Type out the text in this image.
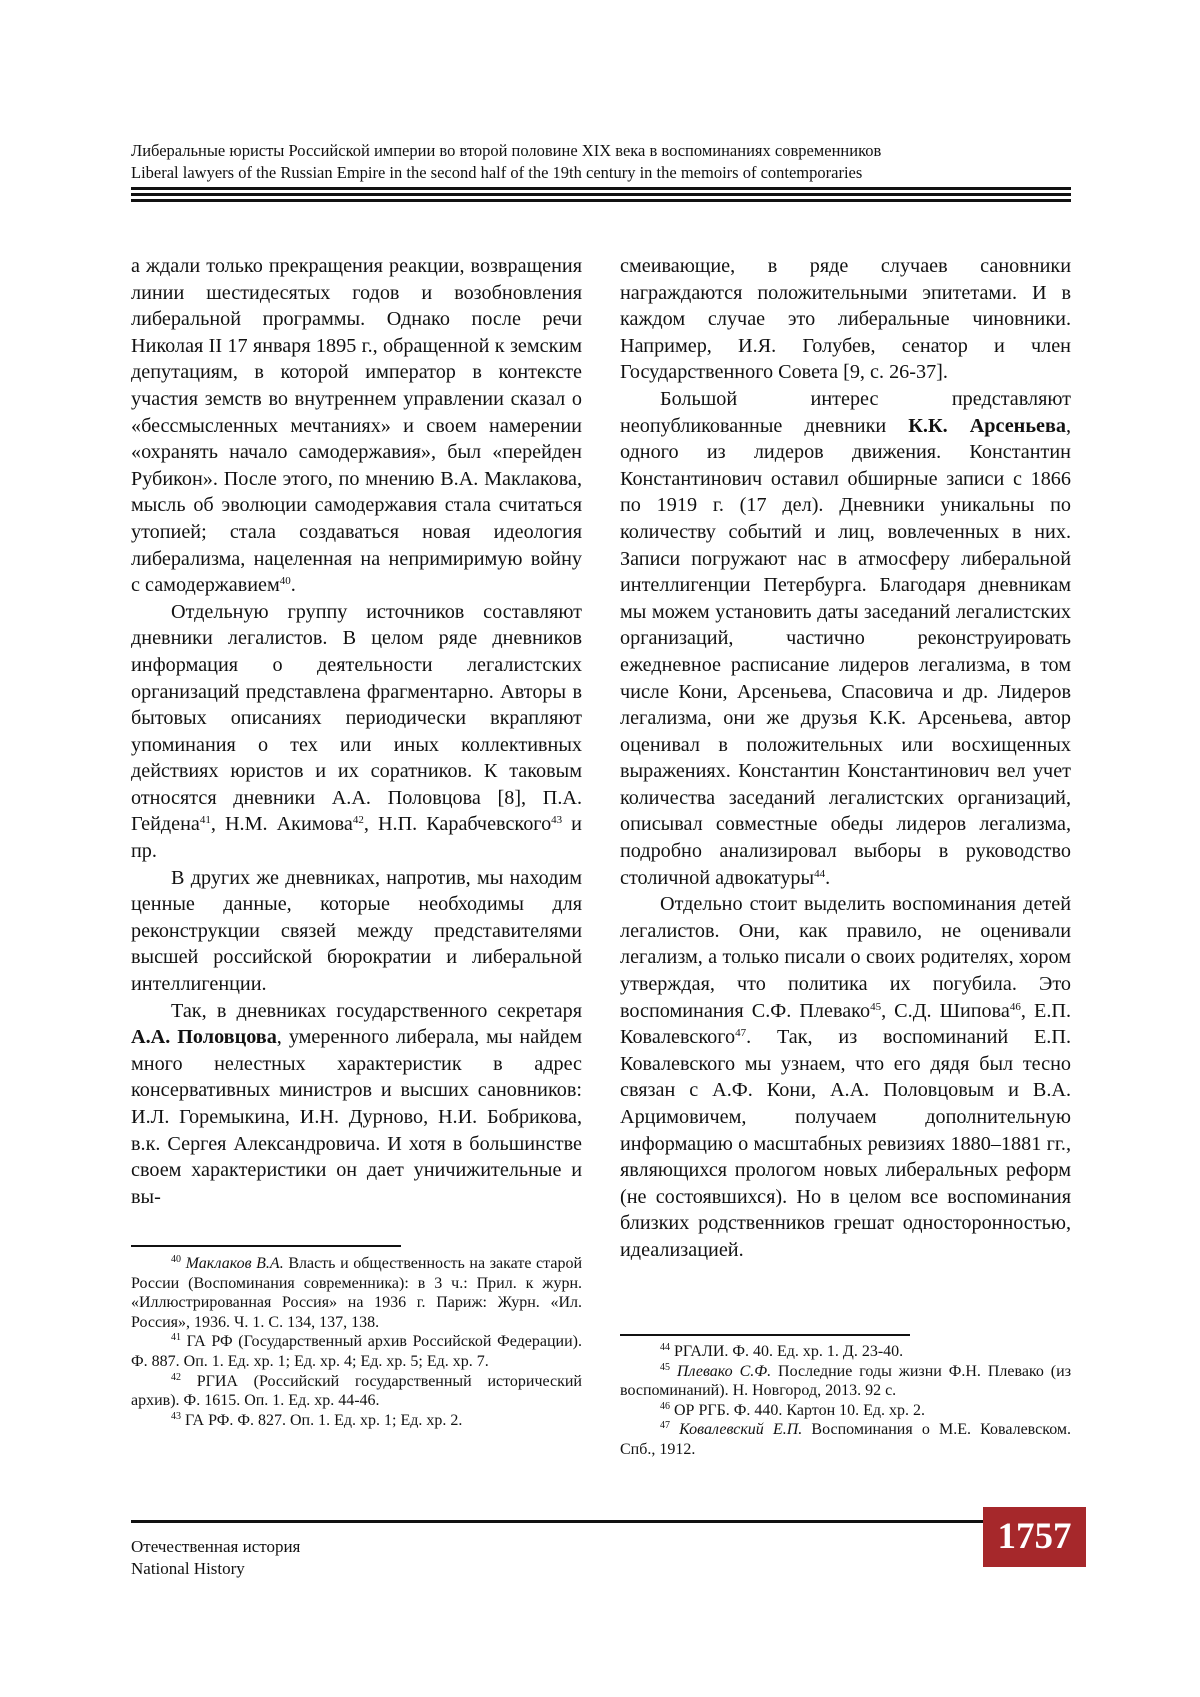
Либеральные юристы Российской империи во второй половине XIX века в воспоминаниях современников
Liberal lawyers of the Russian Empire in the second half of the 19th century in the memoirs of contemporaries

а ждали только прекращения реакции, возвращения линии шестидесятых годов и возобновления либеральной программы. Однако после речи Николая II 17 января 1895 г., обращенной к земским депутациям, в которой император в контексте участия земств во внутреннем управлении сказал о «бессмысленных мечтаниях» и своем намерении «охранять начало самодержавия», был «перейден Рубикон». После этого, по мнению В.А. Маклакова, мысль об эволюции самодержавия стала считаться утопией; стала создаваться новая идеология либерализма, нацеленная на непримиримую войну с самодержавием$^{40}$.

Отдельную группу источников составляют дневники легалистов. В целом ряде дневников информация о деятельности легалистских организаций представлена фрагментарно. Авторы в бытовых описаниях периодически вкрапляют упоминания о тех или иных коллективных действиях юристов и их соратников. К таковым относятся дневники А.А. Половцова [8], П.А. Гейдена$^{41}$, Н.М. Акимова$^{42}$, Н.П. Карабчевского$^{43}$ и пр.

В других же дневниках, напротив, мы находим ценные данные, которые необходимы для реконструкции связей между представителями высшей российской бюрократии и либеральной интеллигенции.

Так, в дневниках государственного секретаря А.А. Половцова, умеренного либерала, мы найдем много нелестных характеристик в адрес консервативных министров и высших сановников: И.Л. Горемыкина, И.Н. Дурново, Н.И. Бобрикова, в.к. Сергея Александровича. И хотя в большинстве своем характеристики он дает уничижительные и вы-

смеивающие, в ряде случаев сановники награждаются положительными эпитетами. И в каждом случае это либеральные чиновники. Например, И.Я. Голубев, сенатор и член Государственного Совета [9, с. 26-37].

Большой интерес представляют неопубликованные дневники К.К. Арсеньева, одного из лидеров движения. Константин Константинович оставил обширные записи с 1866 по 1919 г. (17 дел). Дневники уникальны по количеству событий и лиц, вовлеченных в них. Записи погружают нас в атмосферу либеральной интеллигенции Петербурга. Благодаря дневникам мы можем установить даты заседаний легалистских организаций, частично реконструировать ежедневное расписание лидеров легализма, в том числе Кони, Арсеньева, Спасовича и др. Лидеров легализма, они же друзья К.К. Арсеньева, автор оценивал в положительных или восхищенных выражениях. Константин Константинович вел учет количества заседаний легалистских организаций, описывал совместные обеды лидеров легализма, подробно анализировал выборы в руководство столичной адвокатуры$^{44}$.

Отдельно стоит выделить воспоминания детей легалистов. Они, как правило, не оценивали легализм, а только писали о своих родителях, хором утверждая, что политика их погубила. Это воспоминания С.Ф. Плевако$^{45}$, С.Д. Шипова$^{46}$, Е.П. Ковалевского$^{47}$. Так, из воспоминаний Е.П. Ковалевского мы узнаем, что его дядя был тесно связан с А.Ф. Кони, А.А. Половцовым и В.А. Арцимовичем, получаем дополнительную информацию о масштабных ревизиях 1880–1881 гг., являющихся прологом новых либеральных реформ (не состоявшихся). Но в целом все воспоминания близких родственников грешат односторонностью, идеализацией.

$^{40}$ Маклаков В.А. Власть и общественность на закате старой России (Воспоминания современника): в 3 ч.: Прил. к журн. «Иллюстрированная Россия» на 1936 г. Париж: Журн. «Ил. Россия», 1936. Ч. 1. С. 134, 137, 138.

$^{41}$ ГА РФ (Государственный архив Российской Федерации). Ф. 887. Оп. 1. Ед. хр. 1; Ед. хр. 4; Ед. хр. 5; Ед. хр. 7.

$^{42}$ РГИА (Российский государственный исторический архив). Ф. 1615. Оп. 1. Ед. хр. 44-46.

$^{43}$ ГА РФ. Ф. 827. Оп. 1. Ед. хр. 1; Ед. хр. 2.

$^{44}$ РГАЛИ. Ф. 40. Ед. хр. 1. Д. 23-40.

$^{45}$ Плевако С.Ф. Последние годы жизни Ф.Н. Плевако (из воспоминаний). Н. Новгород, 2013. 92 с.

$^{46}$ ОР РГБ. Ф. 440. Картон 10. Ед. хр. 2.

$^{47}$ Ковалевский Е.П. Воспоминания о М.Е. Ковалевском. Спб., 1912.

Отечественная история
National History
1757
